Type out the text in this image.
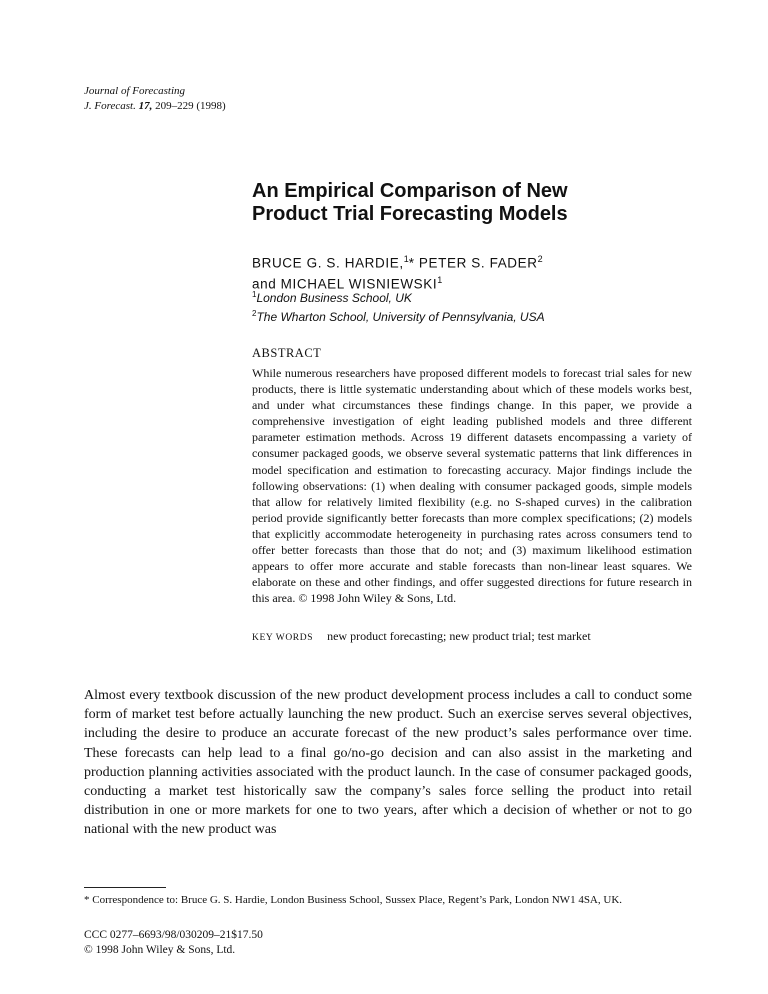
Journal of Forecasting
J. Forecast. 17, 209–229 (1998)
An Empirical Comparison of New
Product Trial Forecasting Models
BRUCE G. S. HARDIE,$^1$* PETER S. FADER$^2$
and MICHAEL WISNIEWSKI$^1$
$^1$London Business School, UK
$^2$The Wharton School, University of Pennsylvania, USA
ABSTRACT
While numerous researchers have proposed different models to forecast trial sales for new products, there is little systematic understanding about which of these models works best, and under what circumstances these findings change. In this paper, we provide a comprehensive investigation of eight leading published models and three different parameter estimation methods. Across 19 different datasets encompassing a variety of consumer packaged goods, we observe several systematic patterns that link differences in model specification and estimation to forecasting accuracy. Major findings include the following observations: (1) when dealing with consumer packaged goods, simple models that allow for relatively limited flexibility (e.g. no S-shaped curves) in the calibration period provide significantly better forecasts than more complex specifications; (2) models that explicitly accommodate heterogeneity in purchasing rates across consumers tend to offer better forecasts than those that do not; and (3) maximum likelihood estimation appears to offer more accurate and stable forecasts than non-linear least squares. We elaborate on these and other findings, and offer suggested directions for future research in this area. © 1998 John Wiley & Sons, Ltd.
KEY WORDS new product forecasting; new product trial; test market
Almost every textbook discussion of the new product development process includes a call to conduct some form of market test before actually launching the new product. Such an exercise serves several objectives, including the desire to produce an accurate forecast of the new product’s sales performance over time. These forecasts can help lead to a final go/no-go decision and can also assist in the marketing and production planning activities associated with the product launch. In the case of consumer packaged goods, conducting a market test historically saw the company’s sales force selling the product into retail distribution in one or more markets for one to two years, after which a decision of whether or not to go national with the new product was
* Correspondence to: Bruce G. S. Hardie, London Business School, Sussex Place, Regent’s Park, London NW1 4SA, UK.
CCC 0277–6693/98/030209–21$17.50
© 1998 John Wiley & Sons, Ltd.
